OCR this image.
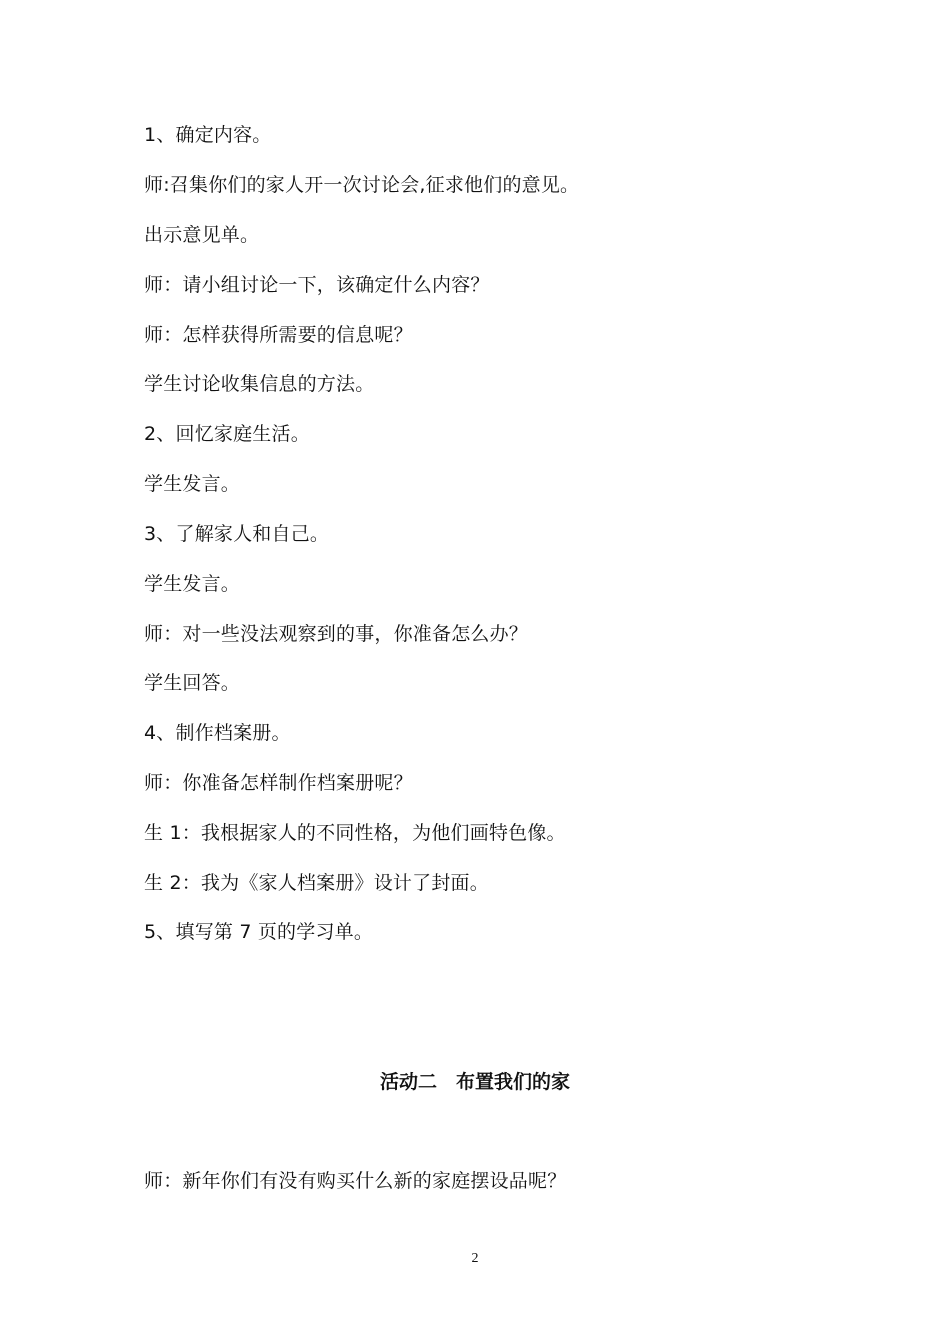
1、确定内容。
师:召集你们的家人开一次讨论会,征求他们的意见。
出示意见单。
师：请小组讨论一下，该确定什么内容？
师：怎样获得所需要的信息呢？
学生讨论收集信息的方法。
2、回忆家庭生活。
学生发言。
3、了解家人和自己。
学生发言。
师：对一些没法观察到的事，你准备怎么办？
学生回答。
4、制作档案册。
师：你准备怎样制作档案册呢？
生 1：我根据家人的不同性格，为他们画特色像。
生 2：我为《家人档案册》设计了封面。
5、填写第 7 页的学习单。
活动二　布置我们的家
师：新年你们有没有购买什么新的家庭摆设品呢？
2
